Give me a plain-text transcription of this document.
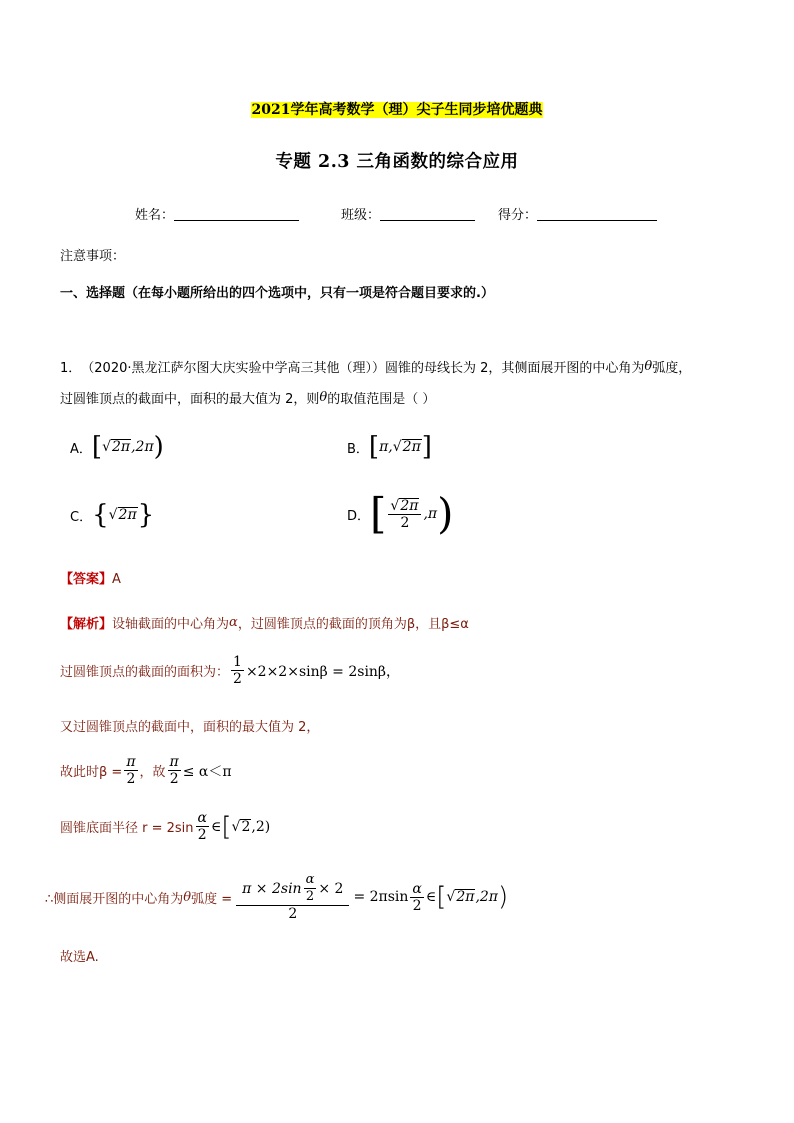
2021学年高考数学（理）尖子生同步培优题典
专题 2.3 三角函数的综合应用
姓名：	班级：	得分：
注意事项：
一、选择题（在每小题所给出的四个选项中，只有一项是符合题目要求的.）
1． （2020·黑龙江萨尔图大庆实验中学高三其他（理））圆锥的母线长为 2，其侧面展开图的中心角为 θ 弧度，
过圆锥顶点的截面中，面积的最大值为 2，则 θ 的取值范围是（ ）
A． [ √2π ,2π )	B． [ π, √2π ]
C． { √2π }	D． [ $\frac{√2\pi}{2} ,\pi$ )
【答案】A
【解析】 设轴截面的中心角为 α ，过圆锥顶点的截面的顶角为β，且β≤α
过圆锥顶点的截面的面积为： $\frac{1}{2} \times 2\times 2\times\sin\beta = 2\sin\beta$，
又过圆锥顶点的截面中，面积的最大值为 2，
故此时$\beta = \frac{\pi}{2}$ ，故 $\frac{\pi}{2} \le \alpha<\pi$
圆锥底面半径 $r = 2\sin \frac{\alpha}{2}$ ∈ [ √2 ,2)
∴侧面展开图的中心角为 θ 弧度 = $\frac{\pi \times 2\sin \frac{\alpha}{2} \times 2}{2} = 2\pi\sin \frac{\alpha}{2}$ ∈ [ √2π ,2π )
故选A.
